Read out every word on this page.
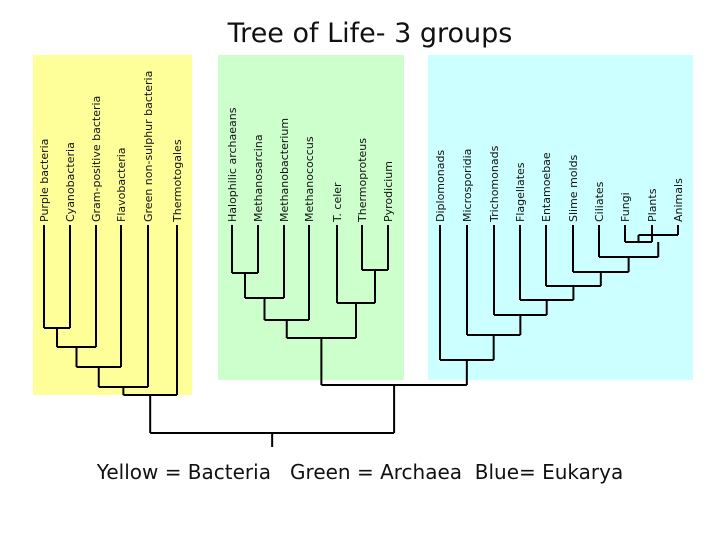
Tree of Life- 3 groups
Purple bacteria Cyanobacteria Gram-positive bacteria Flavobacteria Green non-sulphur bacteria Thermotogales	Halophilic archaeans Methanosarcina Methanobacterium Methanococcus T. celer Thermoproteus Pyrodicium	Diplomonads Microsporidia Trichomonads Flagellates Entamoebae Slime molds Ciliates Fungi Plants Animals
Yellow = Bacteria   Green = Archaea  Blue= Eukarya
